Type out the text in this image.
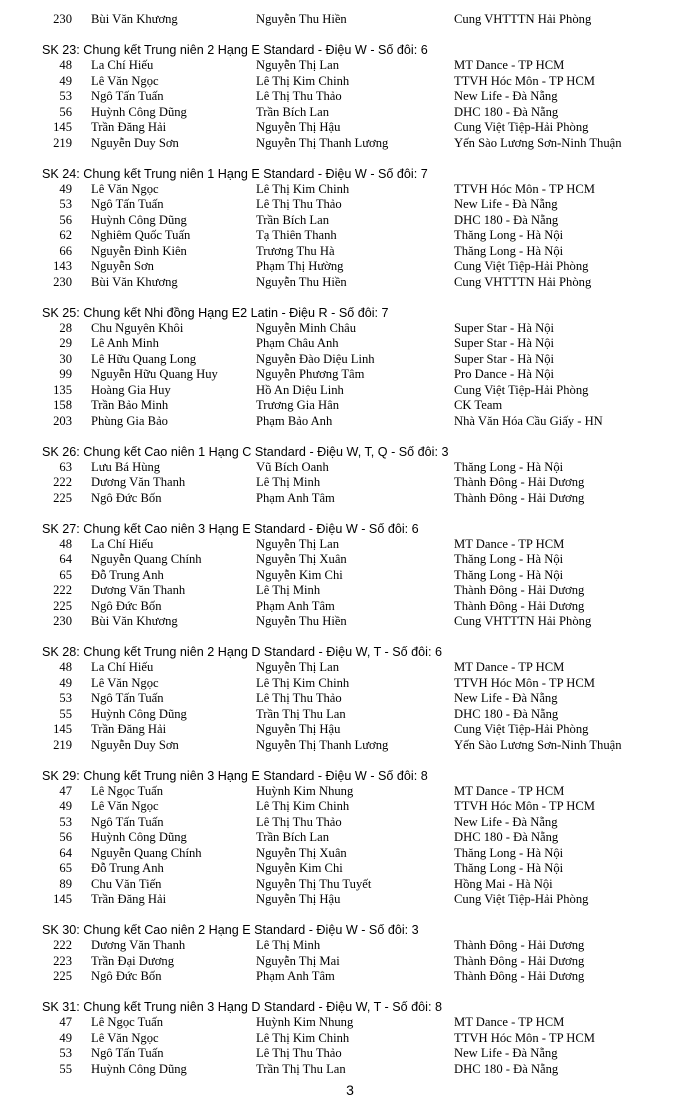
230 Bùi Văn Khương	Nguyễn Thu Hiền	Cung VHTTTN Hải Phòng
SK 23: Chung kết Trung niên 2 Hạng E Standard - Điệu W - Số đôi: 6
48 La Chí Hiếu	Nguyễn Thị Lan	MT Dance - TP HCM
49 Lê Văn Ngọc	Lê Thị Kim Chinh	TTVH Hóc Môn - TP HCM
53 Ngô Tấn Tuấn	Lê Thị Thu Thảo	New Life - Đà Nẵng
56 Huỳnh Công Dũng	Trần Bích Lan	DHC 180 - Đà Nẵng
145 Trần Đăng Hải	Nguyễn Thị Hậu	Cung Việt Tiệp-Hải Phòng
219 Nguyễn Duy Sơn	Nguyễn Thị Thanh Lương	Yến Sào Lương Sơn-Ninh Thuận
SK 24: Chung kết Trung niên 1 Hạng E Standard - Điệu W - Số đôi: 7
49 Lê Văn Ngọc	Lê Thị Kim Chinh	TTVH Hóc Môn - TP HCM
53 Ngô Tấn Tuấn	Lê Thị Thu Thảo	New Life - Đà Nẵng
56 Huỳnh Công Dũng	Trần Bích Lan	DHC 180 - Đà Nẵng
62 Nghiêm Quốc Tuấn	Tạ Thiên Thanh	Thăng Long - Hà Nội
66 Nguyễn Đình Kiên	Trương Thu Hà	Thăng Long - Hà Nội
143 Nguyễn Sơn	Phạm Thị Hường	Cung Việt Tiệp-Hải Phòng
230 Bùi Văn Khương	Nguyễn Thu Hiền	Cung VHTTTN Hải Phòng
SK 25: Chung kết Nhi đồng Hạng E2 Latin - Điệu R - Số đôi: 7
28 Chu Nguyên Khôi	Nguyễn Minh Châu	Super Star - Hà Nội
29 Lê Anh Minh	Phạm Châu Anh	Super Star - Hà Nội
30 Lê Hữu Quang Long	Nguyễn Đào Diệu Linh	Super Star - Hà Nội
99 Nguyễn Hữu Quang Huy	Nguyễn Phương Tâm	Pro Dance - Hà Nội
135 Hoàng Gia Huy	Hồ An Diệu Linh	Cung Việt Tiệp-Hải Phòng
158 Trần Bảo Minh	Trương Gia Hân	CK Team
203 Phùng Gia Bảo	Phạm Bảo Anh	Nhà Văn Hóa Cầu Giấy - HN
SK 26: Chung kết Cao niên 1 Hạng C Standard - Điệu W, T, Q - Số đôi: 3
63 Lưu Bá Hùng	Vũ Bích Oanh	Thăng Long - Hà Nội
222 Dương Văn Thanh	Lê Thị Minh	Thành Đông - Hải Dương
225 Ngô Đức Bốn	Phạm Anh Tâm	Thành Đông - Hải Dương
SK 27: Chung kết Cao niên 3 Hạng E Standard - Điệu W - Số đôi: 6
48 La Chí Hiếu	Nguyễn Thị Lan	MT Dance - TP HCM
64 Nguyễn Quang Chính	Nguyễn Thị Xuân	Thăng Long - Hà Nội
65 Đỗ Trung Anh	Nguyễn Kim Chi	Thăng Long - Hà Nội
222 Dương Văn Thanh	Lê Thị Minh	Thành Đông - Hải Dương
225 Ngô Đức Bốn	Phạm Anh Tâm	Thành Đông - Hải Dương
230 Bùi Văn Khương	Nguyễn Thu Hiền	Cung VHTTTN Hải Phòng
SK 28: Chung kết Trung niên 2 Hạng D Standard - Điệu W, T - Số đôi: 6
48 La Chí Hiếu	Nguyễn Thị Lan	MT Dance - TP HCM
49 Lê Văn Ngọc	Lê Thị Kim Chinh	TTVH Hóc Môn - TP HCM
53 Ngô Tấn Tuấn	Lê Thị Thu Thảo	New Life - Đà Nẵng
55 Huỳnh Công Dũng	Trần Thị Thu Lan	DHC 180 - Đà Nẵng
145 Trần Đăng Hải	Nguyễn Thị Hậu	Cung Việt Tiệp-Hải Phòng
219 Nguyễn Duy Sơn	Nguyễn Thị Thanh Lương	Yến Sào Lương Sơn-Ninh Thuận
SK 29: Chung kết Trung niên 3 Hạng E Standard - Điệu W - Số đôi: 8
47 Lê Ngọc Tuấn	Huỳnh Kim Nhung	MT Dance - TP HCM
49 Lê Văn Ngọc	Lê Thị Kim Chinh	TTVH Hóc Môn - TP HCM
53 Ngô Tấn Tuấn	Lê Thị Thu Thảo	New Life - Đà Nẵng
56 Huỳnh Công Dũng	Trần Bích Lan	DHC 180 - Đà Nẵng
64 Nguyễn Quang Chính	Nguyễn Thị Xuân	Thăng Long - Hà Nội
65 Đỗ Trung Anh	Nguyễn Kim Chi	Thăng Long - Hà Nội
89 Chu Văn Tiến	Nguyễn Thị Thu Tuyết	Hồng Mai - Hà Nội
145 Trần Đăng Hải	Nguyễn Thị Hậu	Cung Việt Tiệp-Hải Phòng
SK 30: Chung kết Cao niên 2 Hạng E Standard - Điệu W - Số đôi: 3
222 Dương Văn Thanh	Lê Thị Minh	Thành Đông - Hải Dương
223 Trần Đại Dương	Nguyễn Thị Mai	Thành Đông - Hải Dương
225 Ngô Đức Bốn	Phạm Anh Tâm	Thành Đông - Hải Dương
SK 31: Chung kết Trung niên 3 Hạng D Standard - Điệu W, T - Số đôi: 8
47 Lê Ngọc Tuấn	Huỳnh Kim Nhung	MT Dance - TP HCM
49 Lê Văn Ngọc	Lê Thị Kim Chinh	TTVH Hóc Môn - TP HCM
53 Ngô Tấn Tuấn	Lê Thị Thu Thảo	New Life - Đà Nẵng
55 Huỳnh Công Dũng	Trần Thị Thu Lan	DHC 180 - Đà Nẵng
3
